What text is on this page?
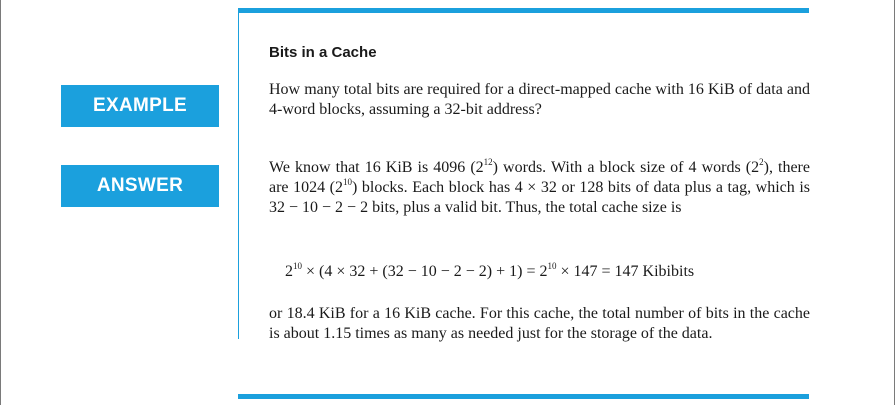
EXAMPLE
ANSWER
Bits in a Cache
How many total bits are required for a direct-mapped cache with 16 KiB of data and 4-word blocks, assuming a 32-bit address?
We know that 16 KiB is 4096 $(2^{12})$ words. With a block size of 4 words $(2^2)$, there are 1024 $(2^{10})$ blocks. Each block has 4 × 32 or 128 bits of data plus a tag, which is 32 − 10 − 2 − 2 bits, plus a valid bit. Thus, the total cache size is
$2^{10} \times (4 \times 32 + (32 - 10 - 2 - 2) + 1) = 2^{10} \times 147 = 147$ Kibibits
or 18.4 KiB for a 16 KiB cache. For this cache, the total number of bits in the cache is about 1.15 times as many as needed just for the storage of the data.
